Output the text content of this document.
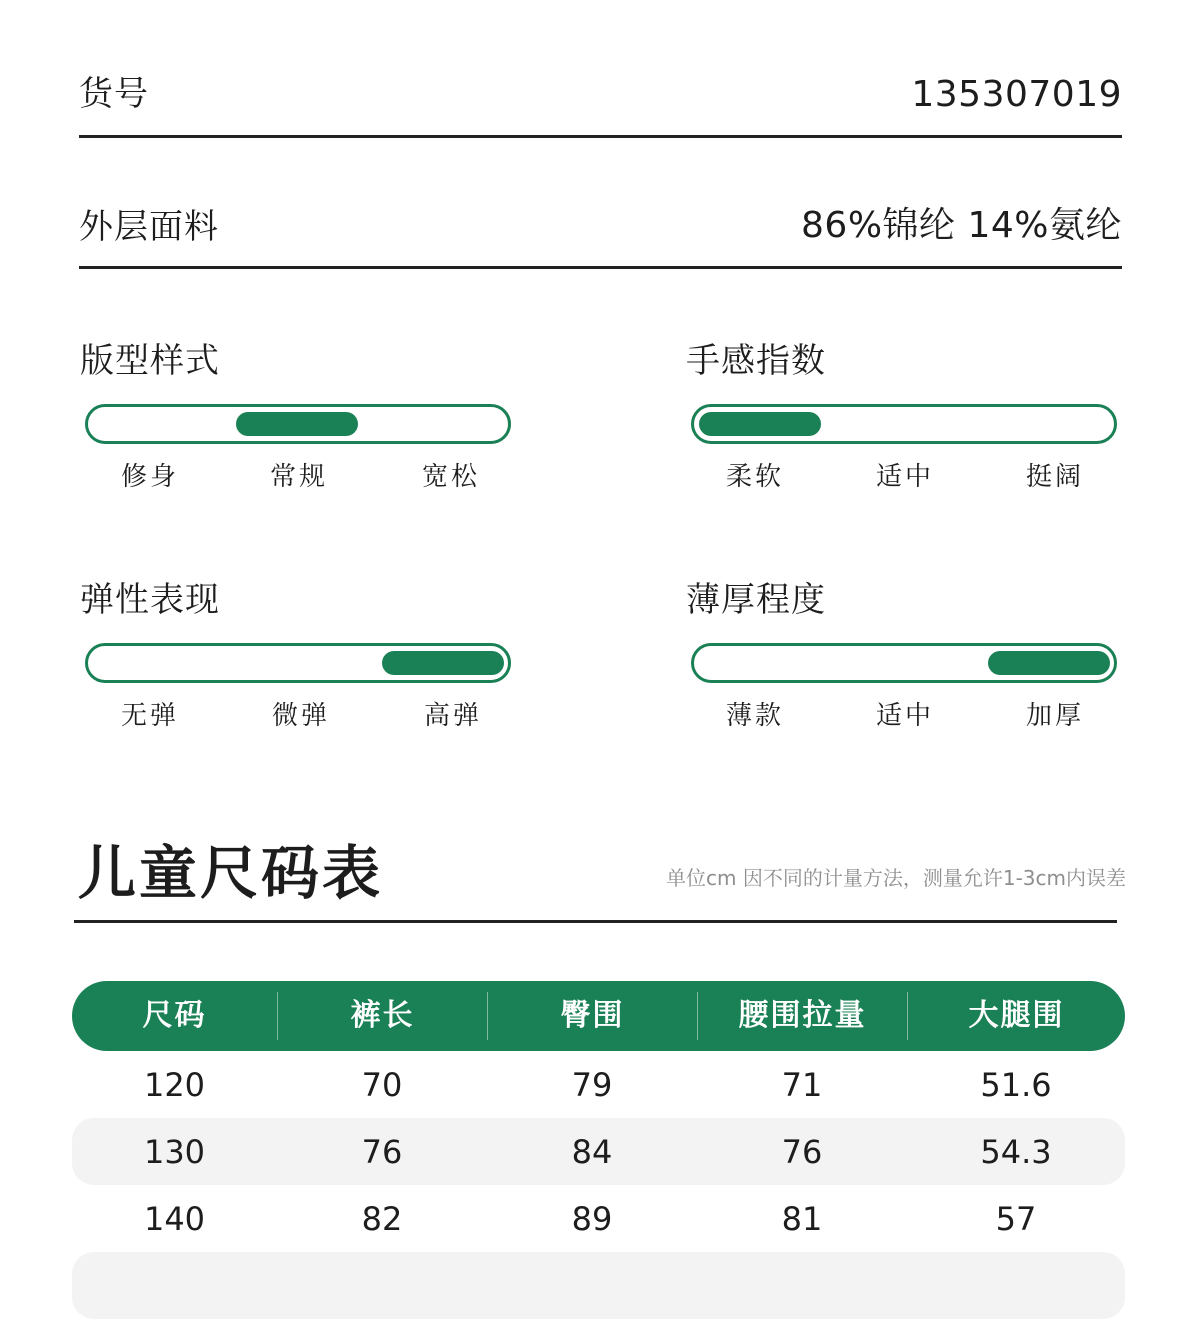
货号	135307019
外层面料	86%锦纶 14%氨纶
版型样式
修身	常规	宽松
手感指数
柔软	适中	挺阔
弹性表现
无弹	微弹	高弹
薄厚程度
薄款	适中	加厚
儿童尺码表	单位cm 因不同的计量方法，测量允许1-3cm内误差
尺码	裤长	臀围	腰围拉量	大腿围
120	70	79	71	51.6
130	76	84	76	54.3
140	82	89	81	57
